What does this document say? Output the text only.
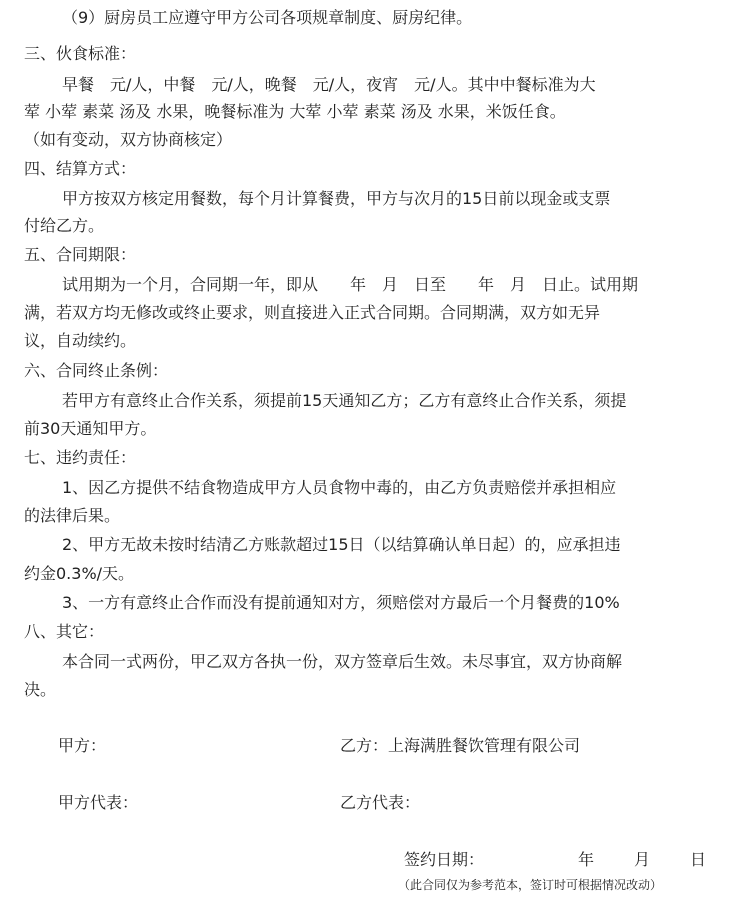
（9）厨房员工应遵守甲方公司各项规章制度、厨房纪律。
三、伙食标准：
早餐　元/人，中餐　元/人，晚餐　元/人，夜宵　元/人。其中中餐标准为大
荤 小荤 素菜 汤及 水果，晚餐标准为 大荤 小荤 素菜 汤及 水果，米饭任食。
（如有变动，双方协商核定）
四、结算方式：
甲方按双方核定用餐数，每个月计算餐费，甲方与次月的15日前以现金或支票
付给乙方。
五、合同期限：
试用期为一个月，合同期一年，即从　　年　月　日至　　年　月　日止。试用期
满，若双方均无修改或终止要求，则直接进入正式合同期。合同期满，双方如无异
议，自动续约。
六、合同终止条例：
若甲方有意终止合作关系，须提前15天通知乙方；乙方有意终止合作关系，须提
前30天通知甲方。
七、违约责任：
1、因乙方提供不结食物造成甲方人员食物中毒的，由乙方负责赔偿并承担相应
的法律后果。
2、甲方无故未按时结清乙方账款超过15日（以结算确认单日起）的，应承担违
约金0.3%/天。
3、一方有意终止合作而没有提前通知对方，须赔偿对方最后一个月餐费的10%
八、其它：
本合同一式两份，甲乙双方各执一份，双方签章后生效。未尽事宜，双方协商解
决。
甲方：	乙方：上海满胜餐饮管理有限公司
甲方代表：	乙方代表：
签约日期：	年 月 日
（此合同仅为参考范本，签订时可根据情况改动）
